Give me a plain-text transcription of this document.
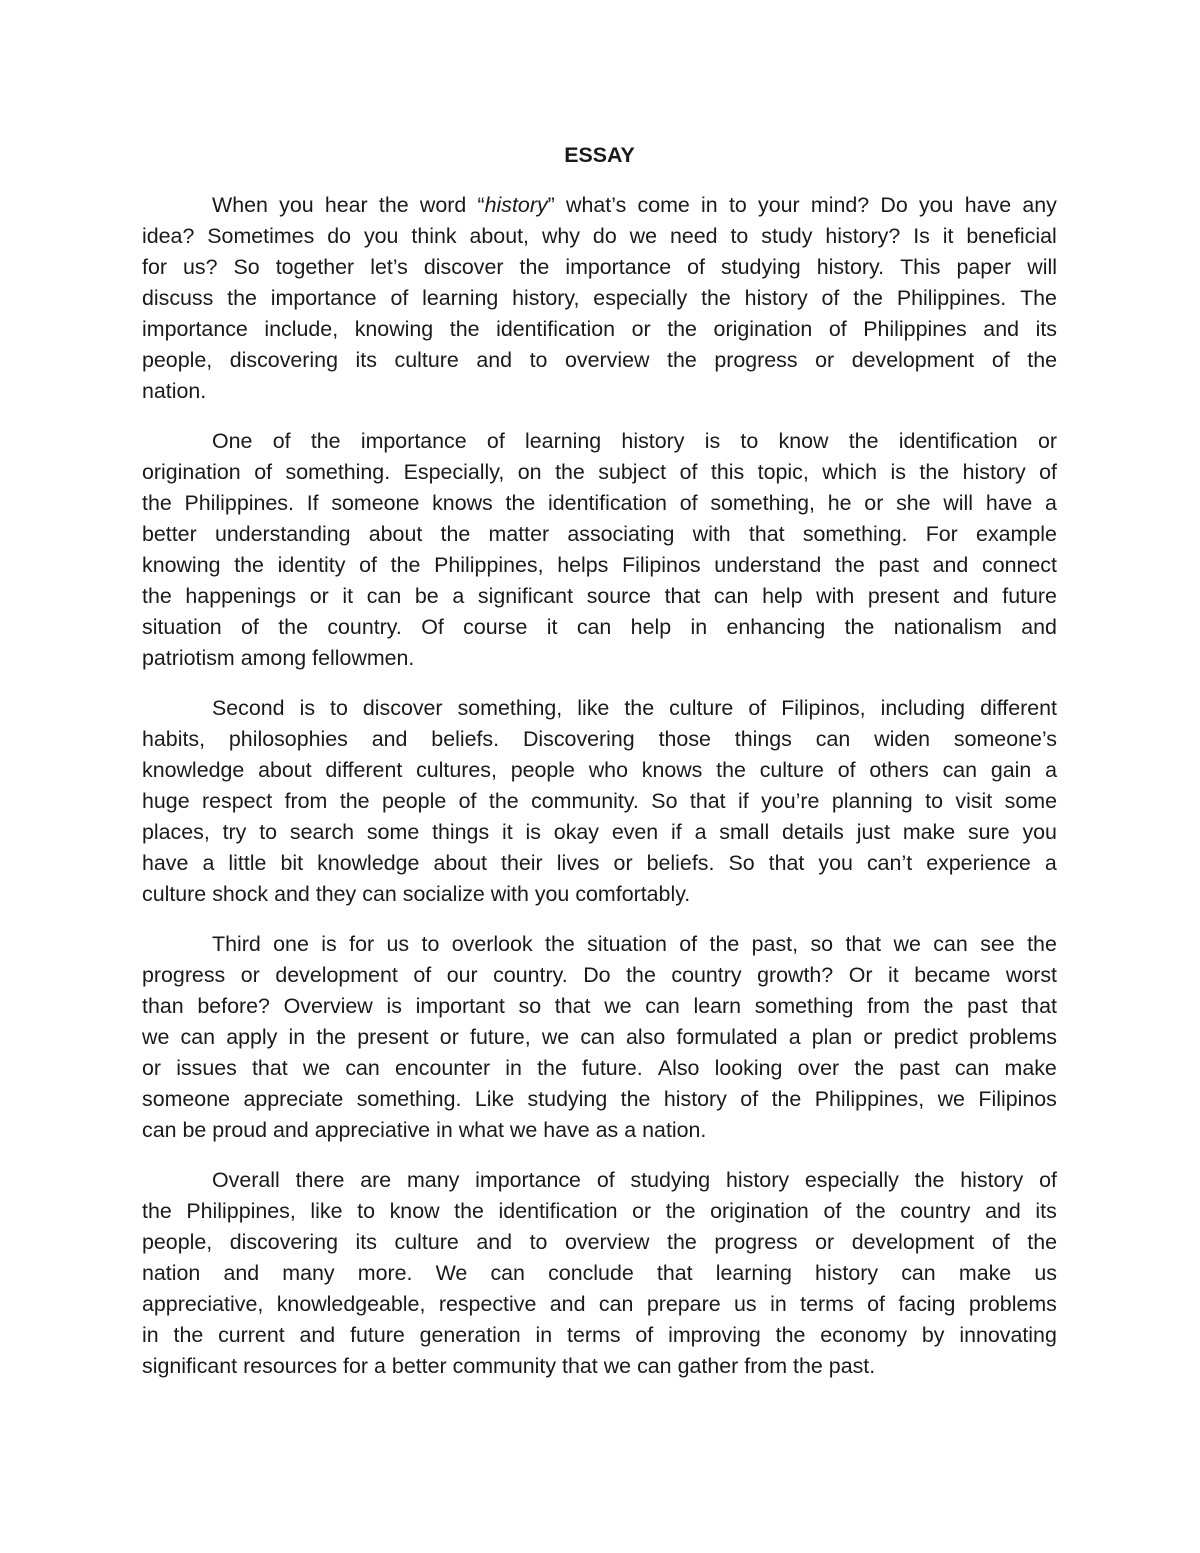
ESSAY
When you hear the word “history” what’s come in to your mind? Do you have any
idea? Sometimes do you think about, why do we need to study history? Is it beneficial
for us? So together let’s discover the importance of studying history. This paper will
discuss the importance of learning history, especially the history of the Philippines. The
importance include, knowing the identification or the origination of Philippines and its
people, discovering its culture and to overview the progress or development of the
nation.
One of the importance of learning history is to know the identification or
origination of something. Especially, on the subject of this topic, which is the history of
the Philippines. If someone knows the identification of something, he or she will have a
better understanding about the matter associating with that something. For example
knowing the identity of the Philippines, helps Filipinos understand the past and connect
the happenings or it can be a significant source that can help with present and future
situation of the country. Of course it can help in enhancing the nationalism and
patriotism among fellowmen.
Second is to discover something, like the culture of Filipinos, including different
habits, philosophies and beliefs. Discovering those things can widen someone’s
knowledge about different cultures, people who knows the culture of others can gain a
huge respect from the people of the community. So that if you’re planning to visit some
places, try to search some things it is okay even if a small details just make sure you
have a little bit knowledge about their lives or beliefs. So that you can’t experience a
culture shock and they can socialize with you comfortably.
Third one is for us to overlook the situation of the past, so that we can see the
progress or development of our country. Do the country growth? Or it became worst
than before? Overview is important so that we can learn something from the past that
we can apply in the present or future, we can also formulated a plan or predict problems
or issues that we can encounter in the future. Also looking over the past can make
someone appreciate something. Like studying the history of the Philippines, we Filipinos
can be proud and appreciative in what we have as a nation.
Overall there are many importance of studying history especially the history of
the Philippines, like to know the identification or the origination of the country and its
people, discovering its culture and to overview the progress or development of the
nation and many more. We can conclude that learning history can make us
appreciative, knowledgeable, respective and can prepare us in terms of facing problems
in the current and future generation in terms of improving the economy by innovating
significant resources for a better community that we can gather from the past.
